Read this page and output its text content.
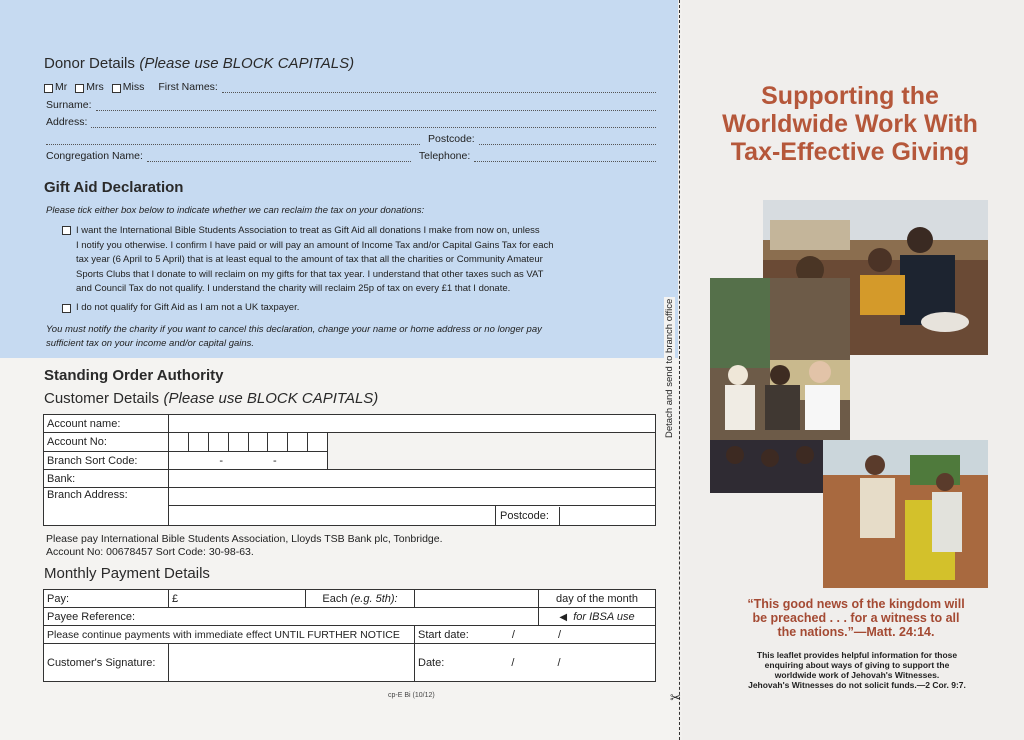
Donor Details (Please use BLOCK CAPITALS)
Mr Mrs Miss First Names:
Surname:
Address:
Postcode:
Congregation Name:	Telephone:
Gift Aid Declaration
Please tick either box below to indicate whether we can reclaim the tax on your donations:
I want the International Bible Students Association to treat as Gift Aid all donations I make from now on, unless
I notify you otherwise. I confirm I have paid or will pay an amount of Income Tax and/or Capital Gains Tax for each
tax year (6 April to 5 April) that is at least equal to the amount of tax that all the charities or Community Amateur
Sports Clubs that I donate to will reclaim on my gifts for that tax year. I understand that other taxes such as VAT
and Council Tax do not qualify. I understand the charity will reclaim 25p of tax on every £1 that I donate.
I do not qualify for Gift Aid as I am not a UK taxpayer.
You must notify the charity if you want to cancel this declaration, change your name or home address or no longer pay
sufficient tax on your income and/or capital gains.
Standing Order Authority
Customer Details (Please use BLOCK CAPITALS)
Account name:			
Account No:		

Branch Sort Code:	- -		
Bank:			
Branch Address:			

			Postcode:
Please pay International Bible Students Association, Lloyds TSB Bank plc, Tonbridge.
Account No: 00678457 Sort Code: 30-98-63.
Monthly Payment Details
Pay:	£	Each (e.g. 5th):		day of the month
Payee Reference:				◀ for IBSA use
Please continue payments with immediate effect UNTIL FURTHER NOTICE			Start date: / /	
Customer's Signature:			Date: / /	
cp-E Bi (10/12)
Detach and send to branch office
✂
Supporting the
Worldwide Work With
Tax-Effective Giving
“This good news of the kingdom will
be preached . . . for a witness to all
the nations.”—Matt. 24:14.
This leaflet provides helpful information for those
enquiring about ways of giving to support the
worldwide work of Jehovah's Witnesses.
Jehovah's Witnesses do not solicit funds.—2 Cor. 9:7.
